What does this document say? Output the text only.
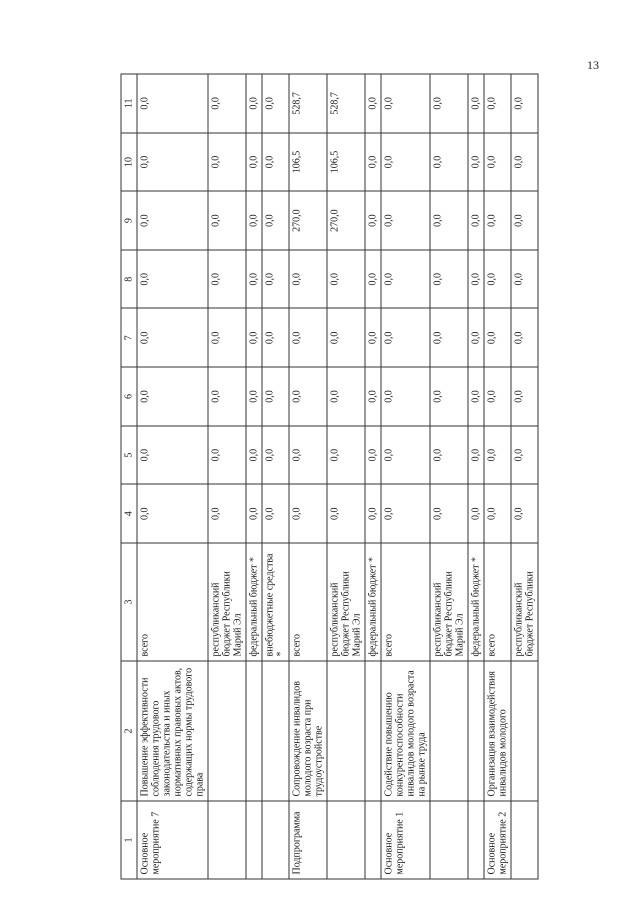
13
1	2	3	4	5	6	7	8	9	10	11
Основное мероприятие 7	Повышение эффективности соблюдения трудового законодательства и иных нормативных правовых актов, содержащих нормы трудового права	всего	0,0	0,0	0,0	0,0	0,0	0,0	0,0	0,0
		республиканский бюджет Республики Марий Эл	0,0	0,0	0,0	0,0	0,0	0,0	0,0	0,0
		федеральный бюджет *	0,0	0,0	0,0	0,0	0,0	0,0	0,0	0,0
		внебюджетные средства *	0,0	0,0	0,0	0,0	0,0	0,0	0,0	0,0
Подпрограмма	Сопровождение инвалидов молодого возраста при трудоустройстве	всего	0,0	0,0	0,0	0,0	0,0	270,0	106,5	528,7
		республиканский бюджет Республики Марий Эл	0,0	0,0	0,0	0,0	0,0	270,0	106,5	528,7
		федеральный бюджет *	0,0	0,0	0,0	0,0	0,0	0,0	0,0	0,0
Основное мероприятие 1	Содействие повышению конкурентоспособности инвалидов молодого возраста на рынке труда	всего	0,0	0,0	0,0	0,0	0,0	0,0	0,0	0,0
		республиканский бюджет Республики Марий Эл	0,0	0,0	0,0	0,0	0,0	0,0	0,0	0,0
		федеральный бюджет *	0,0	0,0	0,0	0,0	0,0	0,0	0,0	0,0
Основное мероприятие 2	Организация взаимодействия инвалидов молодого	всего	0,0	0,0	0,0	0,0	0,0	0,0	0,0	0,0
		республиканский бюджет Республики	0,0	0,0	0,0	0,0	0,0	0,0	0,0	0,0
